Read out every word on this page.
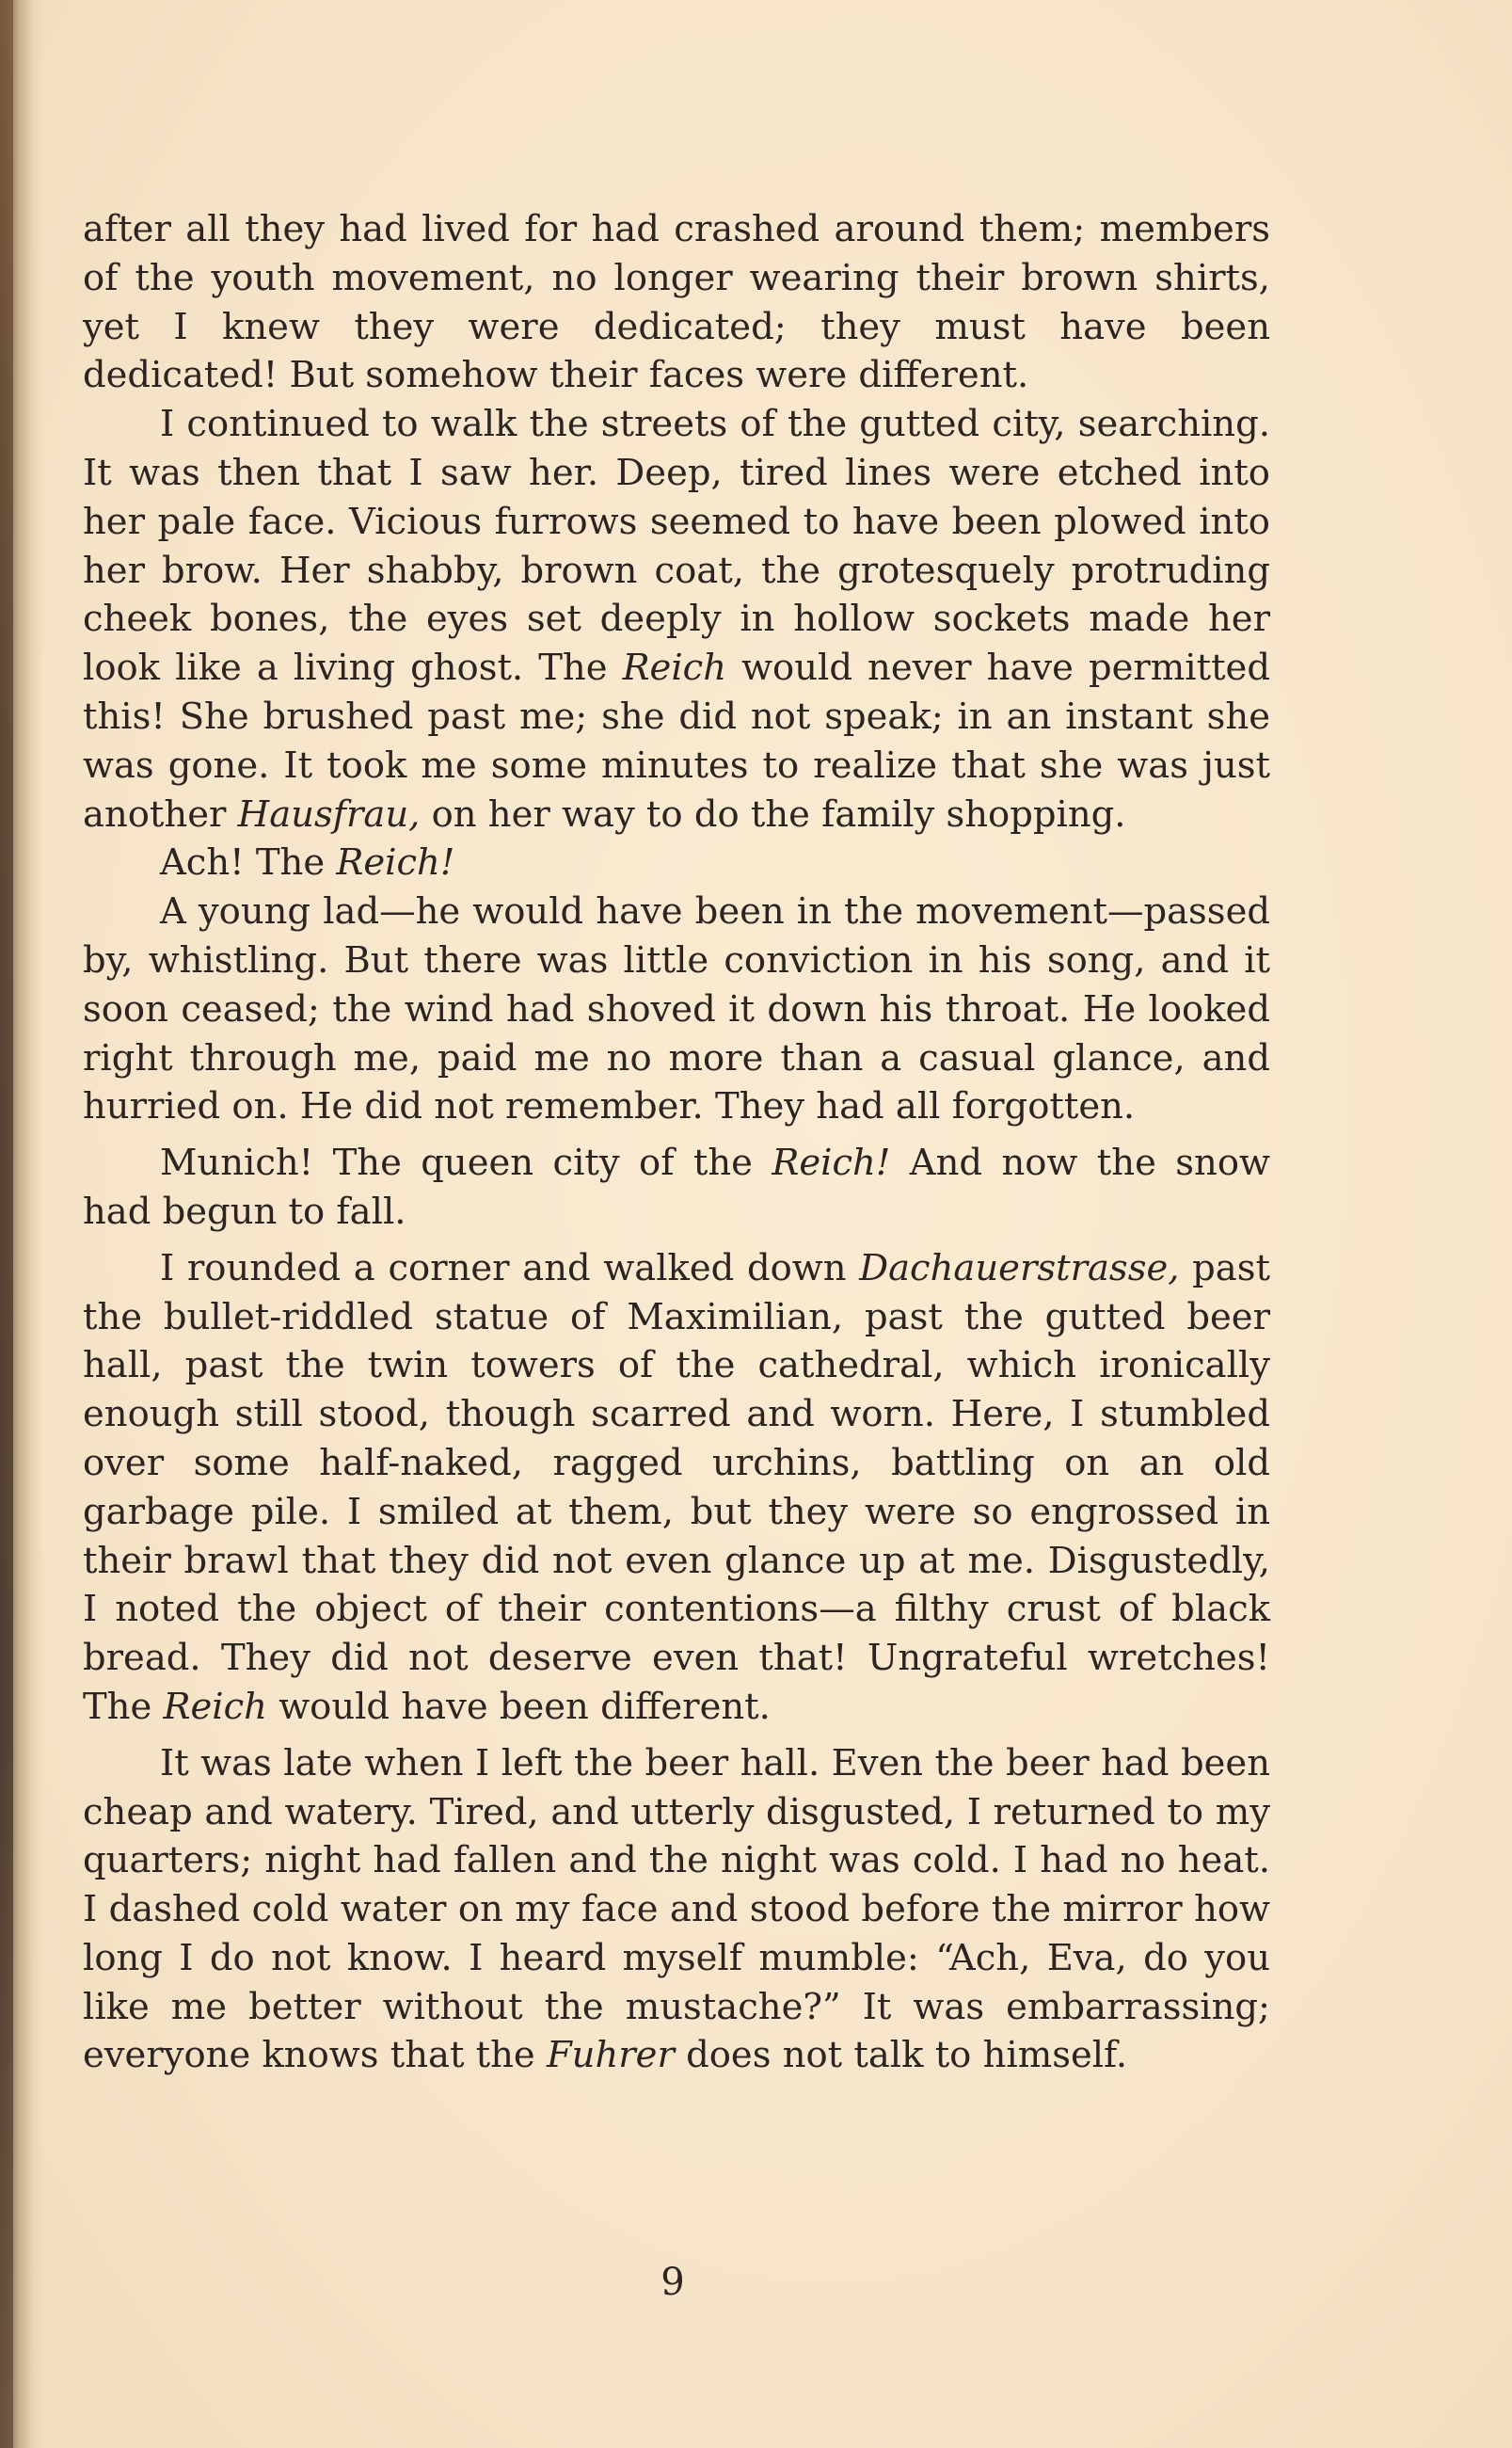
after all they had lived for had crashed around them; members of the youth movement, no longer wearing their brown shirts, yet I knew they were dedicated; they must have been dedicated! But somehow their faces were different.

I continued to walk the streets of the gutted city, searching. It was then that I saw her. Deep, tired lines were etched into her pale face. Vicious furrows seemed to have been plowed into her brow. Her shabby, brown coat, the grotesquely protruding cheek bones, the eyes set deeply in hollow sockets made her look like a living ghost. The Reich would never have permitted this! She brushed past me; she did not speak; in an instant she was gone. It took me some minutes to realize that she was just another Hausfrau, on her way to do the family shopping.

Ach! The Reich!

A young lad—he would have been in the movement—passed by, whistling. But there was little conviction in his song, and it soon ceased; the wind had shoved it down his throat. He looked right through me, paid me no more than a casual glance, and hurried on. He did not remember. They had all forgotten.

Munich! The queen city of the Reich! And now the snow had begun to fall.

I rounded a corner and walked down Dachauerstrasse, past the bullet-riddled statue of Maximilian, past the gutted beer hall, past the twin towers of the cathedral, which ironically enough still stood, though scarred and worn. Here, I stumbled over some half-naked, ragged urchins, battling on an old garbage pile. I smiled at them, but they were so engrossed in their brawl that they did not even glance up at me. Disgustedly, I noted the object of their contentions—a filthy crust of black bread. They did not deserve even that! Ungrateful wretches! The Reich would have been different.

It was late when I left the beer hall. Even the beer had been cheap and watery. Tired, and utterly disgusted, I returned to my quarters; night had fallen and the night was cold. I had no heat. I dashed cold water on my face and stood before the mirror how long I do not know. I heard myself mumble: “Ach, Eva, do you like me better without the mustache?” It was embarrassing; everyone knows that the Fuhrer does not talk to himself.

9
